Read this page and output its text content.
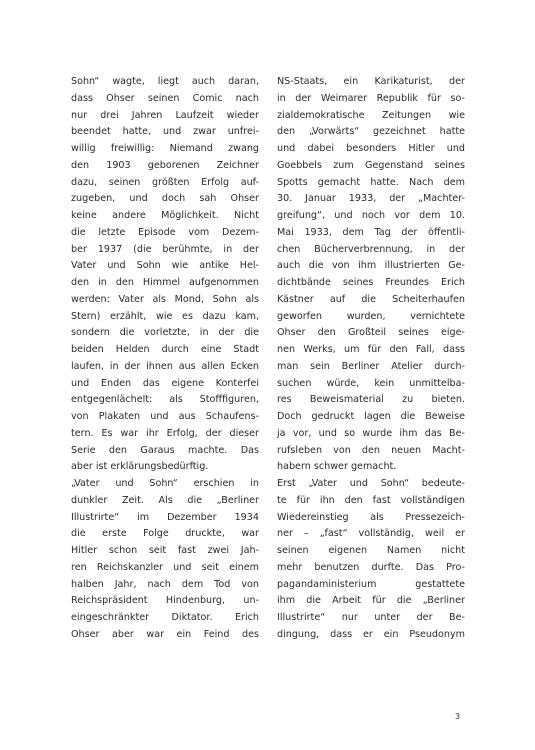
Sohn“ wagte, liegt auch daran,
dass Ohser seinen Comic nach
nur drei Jahren Laufzeit wieder
beendet hatte, und zwar unfrei-
willig freiwillig: Niemand zwang
den 1903 geborenen Zeichner
dazu, seinen größten Erfolg auf-
zugeben, und doch sah Ohser
keine andere Möglichkeit. Nicht
die letzte Episode vom Dezem-
ber 1937 (die berühmte, in der
Vater und Sohn wie antike Hel-
den in den Himmel aufgenommen
werden: Vater als Mond, Sohn als
Stern) erzählt, wie es dazu kam,
sondern die vorletzte, in der die
beiden Helden durch eine Stadt
laufen, in der ihnen aus allen Ecken
und Enden das eigene Konterfei
entgegenlächelt: als Stofffiguren,
von Plakaten und aus Schaufens-
tern. Es war ihr Erfolg, der dieser
Serie den Garaus machte. Das
aber ist erklärungsbedürftig.
„Vater und Sohn“ erschien in
dunkler Zeit. Als die „Berliner
Illustrirte“ im Dezember 1934
die erste Folge druckte, war
Hitler schon seit fast zwei Jah-
ren Reichskanzler und seit einem
halben Jahr, nach dem Tod von
Reichspräsident Hindenburg, un-
eingeschränkter Diktator. Erich
Ohser aber war ein Feind des
NS-Staats, ein Karikaturist, der
in der Weimarer Republik für so-
zialdemokratische Zeitungen wie
den „Vorwärts“ gezeichnet hatte
und dabei besonders Hitler und
Goebbels zum Gegenstand seines
Spotts gemacht hatte. Nach dem
30. Januar 1933, der „Machter-
greifung“, und noch vor dem 10.
Mai 1933, dem Tag der öffentli-
chen Bücherverbrennung, in der
auch die von ihm illustrierten Ge-
dichtbände seines Freundes Erich
Kästner auf die Scheiterhaufen
geworfen wurden, vernichtete
Ohser den Großteil seines eige-
nen Werks, um für den Fall, dass
man sein Berliner Atelier durch-
suchen würde, kein unmittelba-
res Beweismaterial zu bieten.
Doch gedruckt lagen die Beweise
ja vor, und so wurde ihm das Be-
rufsleben von den neuen Macht-
habern schwer gemacht.
Erst „Vater und Sohn“ bedeute-
te für ihn den fast vollständigen
Wiedereinstieg als Pressezeich-
ner – „fast“ vollständig, weil er
seinen eigenen Namen nicht
mehr benutzen durfte. Das Pro-
pagandaministerium gestattete
ihm die Arbeit für die „Berliner
Illustrirte“ nur unter der Be-
dingung, dass er ein Pseudonym
3
